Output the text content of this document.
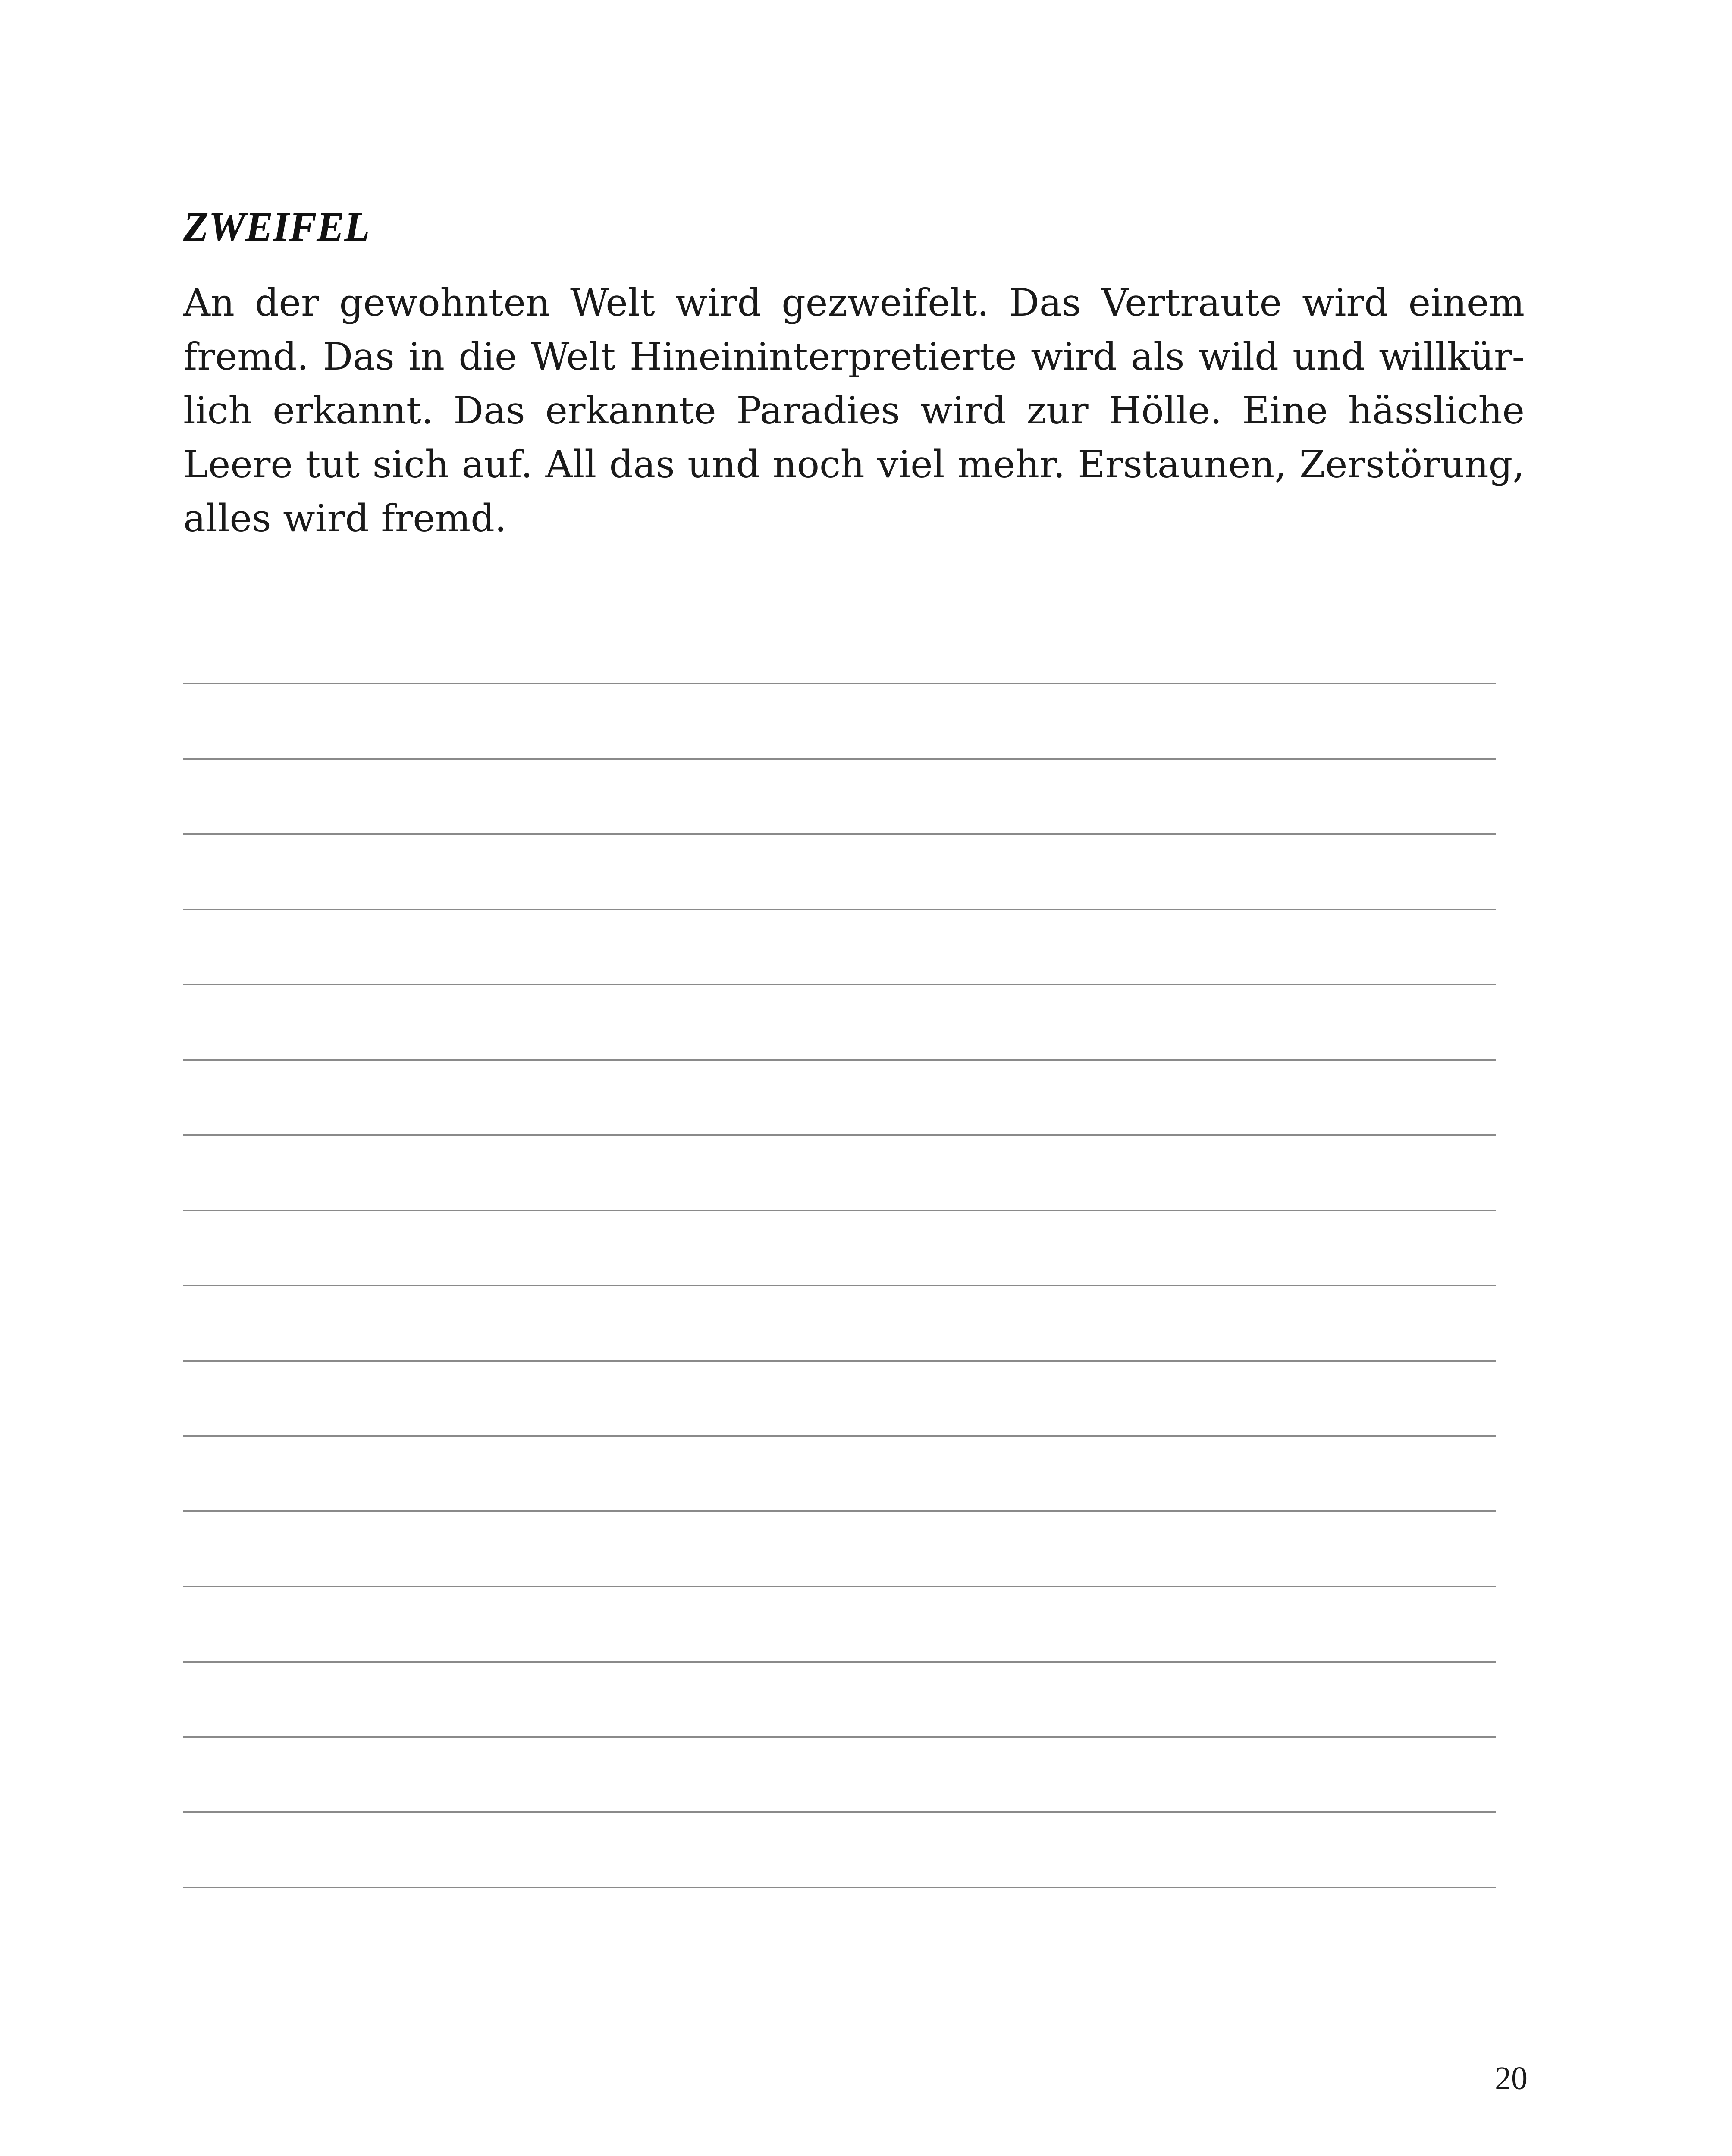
ZWEIFEL

An der gewohnten Welt wird gezweifelt. Das Vertraute wird einem fremd. Das in die Welt Hineininterpretierte wird als wild und willkürlich erkannt. Das erkannte Paradies wird zur Hölle. Eine hässliche Leere tut sich auf. All das und noch viel mehr. Erstaunen, Zerstörung, alles wird fremd.

20
